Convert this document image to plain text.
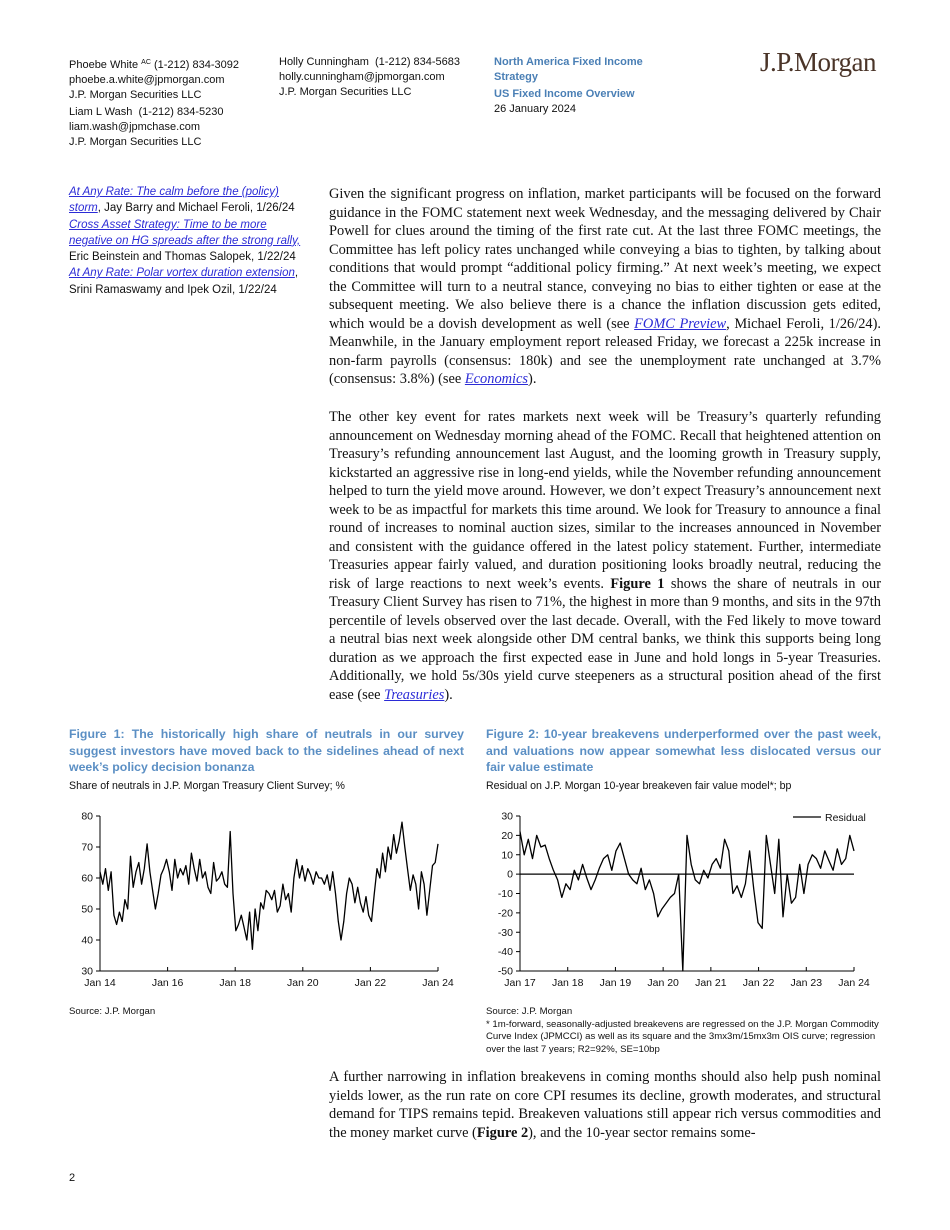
Phoebe White $^{AC}$ (1-212) 834-3092
phoebe.a.white@jpmorgan.com
J.P. Morgan Securities LLC
Liam L Wash (1-212) 834-5230
liam.wash@jpmchase.com
J.P. Morgan Securities LLC
Holly Cunningham (1-212) 834-5683
holly.cunningham@jpmorgan.com
J.P. Morgan Securities LLC
North America Fixed Income
Strategy
US Fixed Income Overview
26 January 2024
J.P.Morgan
At Any Rate: The calm before the (policy) storm, Jay Barry and Michael Feroli, 1/26/24
Cross Asset Strategy: Time to be more negative on HG spreads after the strong rally, Eric Beinstein and Thomas Salopek, 1/22/24
At Any Rate: Polar vortex duration extension, Srini Ramaswamy and Ipek Ozil, 1/22/24
Given the significant progress on inflation, market participants will be focused on the forward guidance in the FOMC statement next week Wednesday, and the messaging delivered by Chair Powell for clues around the timing of the first rate cut. At the last three FOMC meetings, the Committee has left policy rates unchanged while conveying a bias to tighten, by talking about conditions that would prompt “additional policy firming.” At next week’s meeting, we expect the Committee will turn to a neutral stance, conveying no bias to either tighten or ease at the subsequent meeting. We also believe there is a chance the inflation discussion gets edited, which would be a dovish development as well (see FOMC Preview, Michael Feroli, 1/26/24). Meanwhile, in the January employment report released Friday, we forecast a 225k increase in non-farm payrolls (consensus: 180k) and see the unemployment rate unchanged at 3.7% (consensus: 3.8%) (see Economics).
The other key event for rates markets next week will be Treasury’s quarterly refunding announcement on Wednesday morning ahead of the FOMC. Recall that heightened attention on Treasury’s refunding announcement last August, and the looming growth in Treasury supply, kickstarted an aggressive rise in long-end yields, while the November refunding announcement helped to turn the yield move around. However, we don’t expect Treasury’s announcement next week to be as impactful for markets this time around. We look for Treasury to announce a final round of increases to nominal auction sizes, similar to the increases announced in November and consistent with the guidance offered in the latest policy statement. Further, intermediate Treasuries appear fairly valued, and duration positioning looks broadly neutral, reducing the risk of large reactions to next week’s events. Figure 1 shows the share of neutrals in our Treasury Client Survey has risen to 71%, the highest in more than 9 months, and sits in the 97th percentile of levels observed over the last decade. Overall, with the Fed likely to move toward a neutral bias next week alongside other DM central banks, we think this supports being long duration as we approach the first expected ease in June and hold longs in 5-year Treasuries. Additionally, we hold 5s/30s yield curve steepeners as a structural position ahead of the first ease (see Treasuries).
Figure 1: The historically high share of neutrals in our survey suggest investors have moved back to the sidelines ahead of next week’s policy decision bonanza
Share of neutrals in J.P. Morgan Treasury Client Survey; %
30
40
50
60
70
80
Jan 14	Jan 16	Jan 18	Jan 20	Jan 22	Jan 24
Source: J.P. Morgan
Figure 2: 10-year breakevens underperformed over the past week, and valuations now appear somewhat less dislocated versus our fair value estimate
Residual on J.P. Morgan 10-year breakeven fair value model*; bp
-50
-40
-30
-20
-10
0
10
20
30
Jan 17 Jan 18 Jan 19 Jan 20 Jan 21 Jan 22 Jan 23 Jan 24
Residual
Source: J.P. Morgan
* 1m-forward, seasonally-adjusted breakevens are regressed on the J.P. Morgan Commodity Curve Index (JPMCCI) as well as its square and the 3mx3m/15mx3m OIS curve; regression over the last 7 years; R2=92%, SE=10bp
A further narrowing in inflation breakevens in coming months should also help push nominal yields lower, as the run rate on core CPI resumes its decline, growth moderates, and structural demand for TIPS remains tepid. Breakeven valuations still appear rich versus commodities and the money market curve (Figure 2), and the 10-year sector remains some-
2
